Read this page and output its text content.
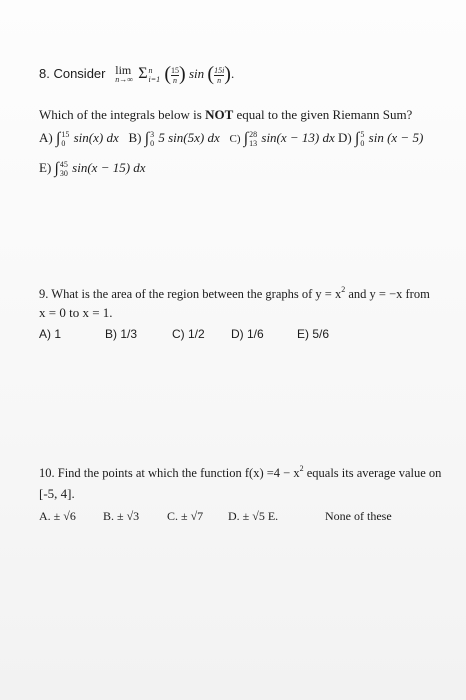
8. Consider lim
n→∞ Σ n
i=1 ( $\frac{15}{n}$ ) sin ( $\frac{15i}{n}$ ).
Which of the integrals below is NOT equal to the given Riemann Sum?
A) ∫ 15
0 sin(x) dx B) ∫ 3
0 5 sin(5x) dx C) ∫ 28
13 sin(x − 13) dx D) ∫ 5
0 sin (x − 5)
E) ∫ 45
30 sin(x − 15) dx
9. What is the area of the region between the graphs of $y = x^2$ and y = −x from
x = 0 to x = 1.
A) 1	B) 1/3	C) 1/2 D) 1/6	E) 5/6
10. Find the points at which the function $f(x) =4 - x^2$ equals its average value on
[-5, 4].
A. ± √6 B. ± √3 C. ± √7 D. ± √5 E.	None of these
